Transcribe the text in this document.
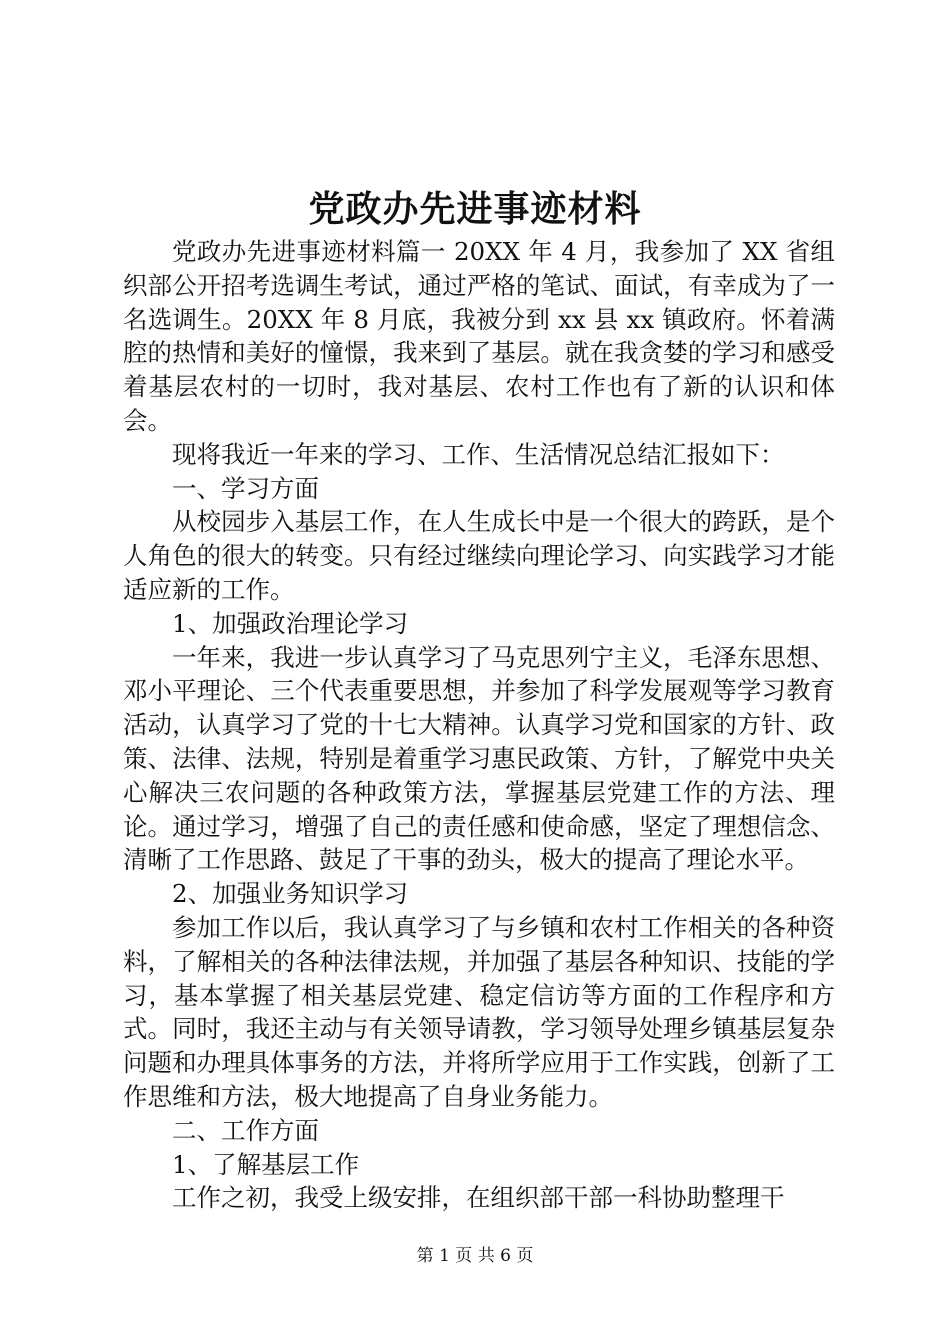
党政办先进事迹材料

党政办先进事迹材料篇一 20XX 年 4 月，我参加了 XX 省组织部公开招考选调生考试，通过严格的笔试、面试，有幸成为了一名选调生。20XX 年 8 月底，我被分到 xx 县 xx 镇政府。怀着满腔的热情和美好的憧憬，我来到了基层。就在我贪婪的学习和感受着基层农村的一切时，我对基层、农村工作也有了新的认识和体会。

现将我近一年来的学习、工作、生活情况总结汇报如下：

一、学习方面

从校园步入基层工作，在人生成长中是一个很大的跨跃，是个人角色的很大的转变。只有经过继续向理论学习、向实践学习才能适应新的工作。

1、加强政治理论学习

一年来，我进一步认真学习了马克思列宁主义，毛泽东思想、邓小平理论、三个代表重要思想，并参加了科学发展观等学习教育活动，认真学习了党的十七大精神。认真学习党和国家的方针、政策、法律、法规，特别是着重学习惠民政策、方针，了解党中央关心解决三农问题的各种政策方法，掌握基层党建工作的方法、理论。通过学习，增强了自己的责任感和使命感，坚定了理想信念、清晰了工作思路、鼓足了干事的劲头，极大的提高了理论水平。

2、加强业务知识学习

参加工作以后，我认真学习了与乡镇和农村工作相关的各种资料，了解相关的各种法律法规，并加强了基层各种知识、技能的学习，基本掌握了相关基层党建、稳定信访等方面的工作程序和方式。同时，我还主动与有关领导请教，学习领导处理乡镇基层复杂问题和办理具体事务的方法，并将所学应用于工作实践，创新了工作思维和方法，极大地提高了自身业务能力。

二、工作方面

1、了解基层工作

工作之初，我受上级安排，在组织部干部一科协助整理干

第 1 页 共 6 页
